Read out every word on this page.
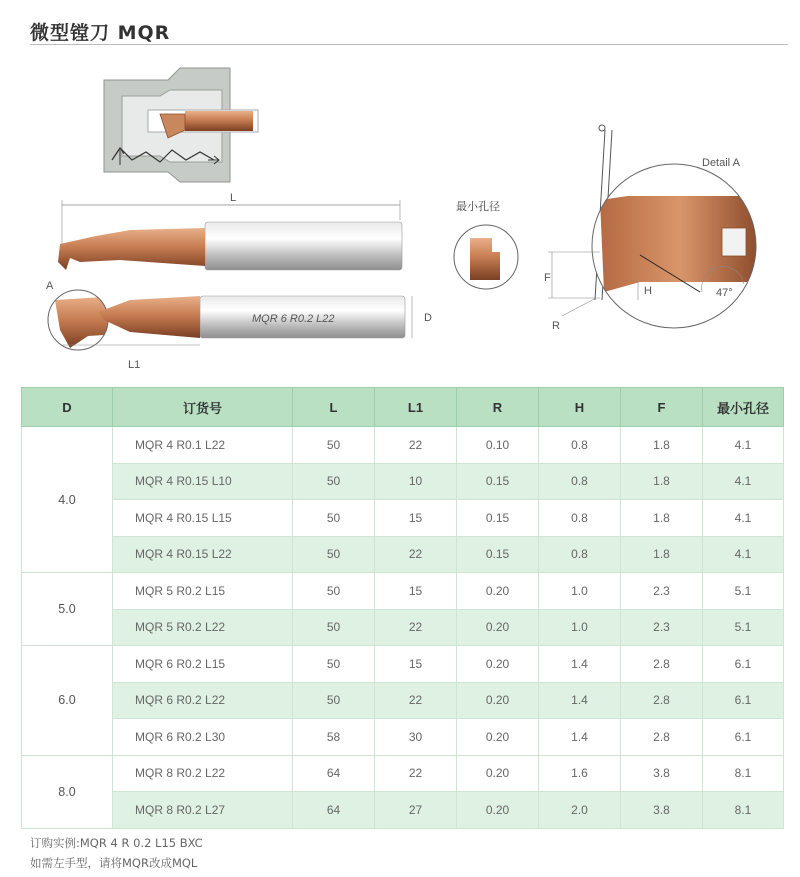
微型镗刀 MQR
L
A
MQR 6 R0.2 L22	D
L1
最小孔径
Detail A
F
H	47°
R
D	订货号	L	L1	R	H	F	最小孔径
4.0	MQR 4 R0.1 L22	50	22	0.10	0.8	1.8	4.1
	MQR 4 R0.15 L10	50	10	0.15	0.8	1.8	4.1
	MQR 4 R0.15 L15	50	15	0.15	0.8	1.8	4.1
	MQR 4 R0.15 L22	50	22	0.15	0.8	1.8	4.1
5.0	MQR 5 R0.2 L15	50	15	0.20	1.0	2.3	5.1
	MQR 5 R0.2 L22	50	22	0.20	1.0	2.3	5.1
6.0	MQR 6 R0.2 L15	50	15	0.20	1.4	2.8	6.1
	MQR 6 R0.2 L22	50	22	0.20	1.4	2.8	6.1
	MQR 6 R0.2 L30	58	30	0.20	1.4	2.8	6.1
8.0	MQR 8 R0.2 L22	64	22	0.20	1.6	3.8	8.1
	MQR 8 R0.2 L27	64	27	0.20	2.0	3.8	8.1
订购实例:MQR 4 R 0.2 L15 BXC
如需左手型，请将MQR改成MQL
